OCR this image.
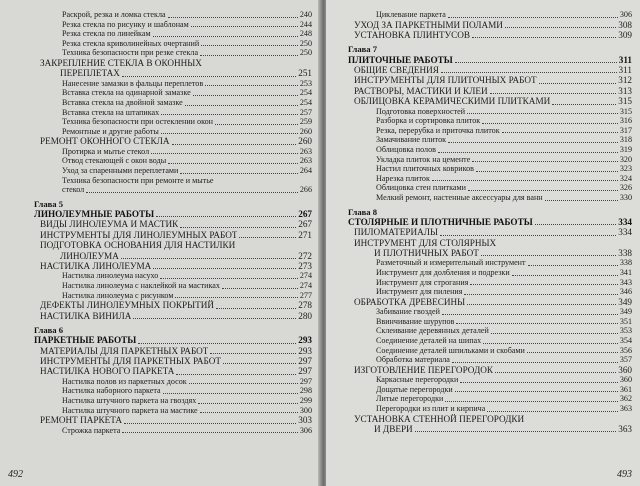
Раскрой, резка и ломка стекла	240
Резка стекла по рисунку и шаблонам	244
Резка стекла по линейкам	248
Резка стекла криволинейных очертаний	250
Техника безопасности при резке стекла	250
ЗАКРЕПЛЕНИЕ СТЕКЛА В ОКОННЫХ
ПЕРЕПЛЕТАХ	251
Нанесение замазки в фальцы переплетов	253
Вставка стекла на одинарной замазке	254
Вставка стекла на двойной замазке	254
Вставка стекла на штапиках	257
Техника безопасности при остеклении окон	259
Ремонтные и другие работы	260
РЕМОНТ ОКОННОГО СТЕКЛА	260
Протирка и мытье стекол	263
Отвод стекающей с окон воды	263
Уход за спаренными переплетами	264
Техника безопасности при ремонте и мытье
стекол	266
Глава 5
ЛИНОЛЕУМНЫЕ РАБОТЫ	267
ВИДЫ ЛИНОЛЕУМА И МАСТИК	267
ИНСТРУМЕНТЫ ДЛЯ ЛИНОЛЕУМНЫХ РАБОТ	271
ПОДГОТОВКА ОСНОВАНИЯ ДЛЯ НАСТИЛКИ
ЛИНОЛЕУМА	272
НАСТИЛКА ЛИНОЛЕУМА	273
Настилка линолеума насухо	274
Настилка линолеума с наклейкой на мастиках	274
Настилка линолеума с рисунком	277
ДЕФЕКТЫ ЛИНОЛЕУМНЫХ ПОКРЫТИЙ	278
НАСТИЛКА ВИНИЛА	280
Глава 6
ПАРКЕТНЫЕ РАБОТЫ	293
МАТЕРИАЛЫ ДЛЯ ПАРКЕТНЫХ РАБОТ	293
ИНСТРУМЕНТЫ ДЛЯ ПАРКЕТНЫХ РАБОТ	297
НАСТИЛКА НОВОГО ПАРКЕТА	297
Настилка полов из паркетных досок	297
Настилка наборного паркета	298
Настилка штучного паркета на гвоздях	299
Настилка штучного паркета на мастике	300
РЕМОНТ ПАРКЕТА	303
Строжка паркета	306
492
Циклевание паркета	306
УХОД ЗА ПАРКЕТНЫМИ ПОЛАМИ	308
УСТАНОВКА ПЛИНТУСОВ	309
Глава 7
ПЛИТОЧНЫЕ РАБОТЫ	311
ОБЩИЕ СВЕДЕНИЯ	311
ИНСТРУМЕНТЫ ДЛЯ ПЛИТОЧНЫХ РАБОТ	312
РАСТВОРЫ, МАСТИКИ И КЛЕИ	313
ОБЛИЦОВКА КЕРАМИЧЕСКИМИ ПЛИТКАМИ	315
Подготовка поверхностей	315
Разборка и сортировка плиток	316
Резка, перерубка и приточка плиток	317
Замачивание плиток	318
Облицовка полов	319
Укладка плиток на цементе	320
Настил плиточных ковриков	323
Нарезка плиток	324
Облицовка стен плитками	326
Мелкий ремонт, настенные аксессуары для ванн	330
Глава 8
СТОЛЯРНЫЕ И ПЛОТНИЧНЫЕ РАБОТЫ	334
ПИЛОМАТЕРИАЛЫ	334
ИНСТРУМЕНТ ДЛЯ СТОЛЯРНЫХ
И ПЛОТНИЧНЫХ РАБОТ	338
Разметочный и измерительный инструмент	338
Инструмент для долбления и подрезки	341
Инструмент для строгания	343
Инструмент для пиления	346
ОБРАБОТКА ДРЕВЕСИНЫ	349
Забивание гвоздей	349
Ввинчивание шурупов	351
Склеивание деревянных деталей	353
Соединение деталей на шипах	354
Соединение деталей шпильками и скобами	356
Обработка материала	357
ИЗГОТОВЛЕНИЕ ПЕРЕГОРОДОК	360
Каркасные перегородки	360
Дощатые перегородки	361
Литые перегородки	362
Перегородки из плит и кирпича	363
УСТАНОВКА СТЕННОЙ ПЕРЕГОРОДКИ
И ДВЕРИ	363
493
